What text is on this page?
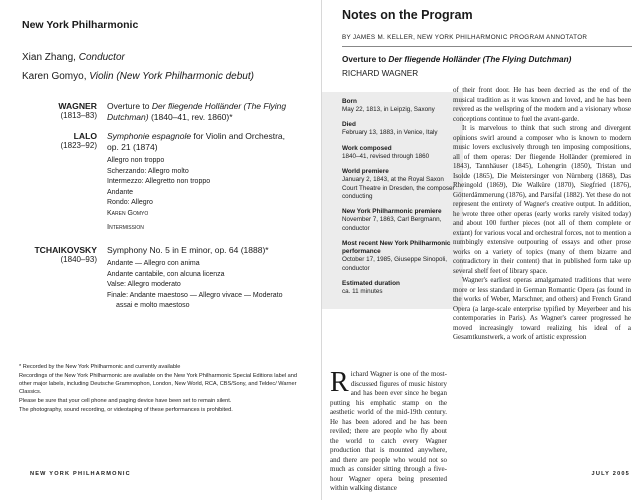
New York Philharmonic
Xian Zhang, Conductor
Karen Gomyo, Violin (New York Philharmonic debut)
WAGNER
(1813–83)
Overture to Der fliegende Holländer (The Flying Dutchman) (1840–41, rev. 1860)*
LALO
(1823–92)
Symphonie espagnole for Violin and Orchestra, op. 21 (1874)
Allegro non troppo
Scherzando: Allegro molto
Intermezzo: Allegretto non troppo
Andante
Rondo: Allegro
Karen Gomyo
Intermission
TCHAIKOVSKY
(1840–93)
Symphony No. 5 in E minor, op. 64 (1888)*
Andante — Allegro con anima
Andante cantabile, con alcuna licenza
Valse: Allegro moderato
Finale: Andante maestoso — Allegro vivace — Moderato
assai e molto maestoso

* Recorded by the New York Philharmonic and currently available

Recordings of the New York Philharmonic are available on the New York Philharmonic Special Editions label and other major labels, including Deutsche Grammophon, London, New World, RCA, CBS/Sony, and Teldec/ Warner Classics.

Please be sure that your cell phone and paging device have been set to remain silent.

The photography, sound recording, or videotaping of these performances is prohibited.

NEW YORK PHILHARMONIC
Notes on the Program
BY JAMES M. KELLER, NEW YORK PHILHARMONIC PROGRAM ANNOTATOR
Overture to Der fliegende Holländer (The Flying Dutchman)
RICHARD WAGNER
Born
May 22, 1813, in Leipzig, Saxony
Died
February 13, 1883, in Venice, Italy
Work composed
1840–41, revised through 1860
World premiere
January 2, 1843, at the Royal Saxon Court Theatre in Dresden, the composer conducting
New York Philharmonic premiere
November 7, 1863, Carl Bergmann, conductor
Most recent New York Philharmonic performance
October 17, 1985, Giuseppe Sinopoli, conductor
Estimated duration
ca. 11 minutes
Richard Wagner is one of the most-discussed figures of music history and has been ever since he began putting his emphatic stamp on the aesthetic world of the mid-19th century. He has been adored and he has been reviled; there are people who fly about the world to catch every Wagner production that is mounted anywhere, and there are people who would not so much as consider sitting through a five-hour Wagner opera being presented within walking distance

of their front door. He has been decried as the end of the musical tradition as it was known and loved, and he has been revered as the wellspring of the modern and a visionary whose conceptions continue to fuel the avant-garde.

It is marvelous to think that such strong and divergent opinions swirl around a composer who is known to modern music lovers exclusively through ten imposing compositions, all of them operas: Der fliegende Holländer (premiered in 1843), Tannhäuser (1845), Lohengrin (1850), Tristan und Isolde (1865), Die Meistersinger von Nürnberg (1868), Das Rheingold (1869), Die Walküre (1870), Siegfried (1876), Götterdämmerung (1876), and Parsifal (1882). Yet these do not represent the entirety of Wagner's creative output. In addition, he wrote three other operas (early works rarely visited today) and about 100 further pieces (not all of them complete or extant) for various vocal and orchestral forces, not to mention a numbingly extensive outpouring of essays and other prose works on a variety of topics (many of them bizarre and contradictory in their content) that in published form take up several shelf feet of library space.

Wagner's earliest operas amalgamated traditions that were more or less standard in German Romantic Opera (as found in the works of Weber, Marschner, and others) and French Grand Opera (a large-scale enterprise typified by Meyerbeer and his contemporaries in Paris). As Wagner's career progressed he moved increasingly toward realizing his ideal of a Gesamtkunstwerk, a work of artistic expression

JULY 2005
